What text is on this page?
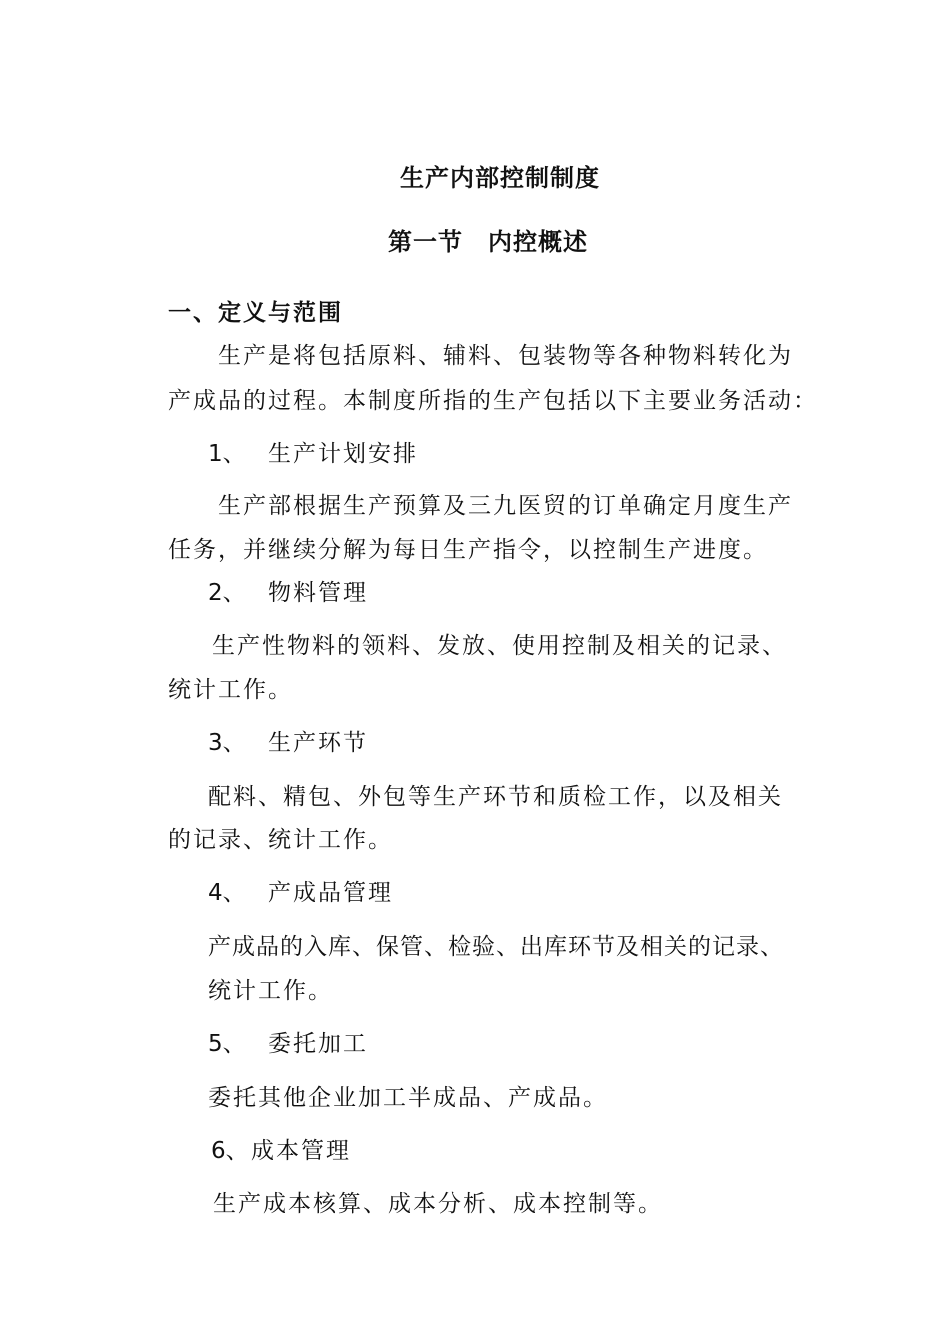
生产内部控制制度
第一节　内控概述
一、定义与范围
生产是将包括原料、辅料、包装物等各种物料转化为
产成品的过程。本制度所指的生产包括以下主要业务活动：
1、 生产计划安排
生产部根据生产预算及三九医贸的订单确定月度生产
任务，并继续分解为每日生产指令，以控制生产进度。
2、 物料管理
生产性物料的领料、发放、使用控制及相关的记录、
统计工作。
3、 生产环节
配料、精包、外包等生产环节和质检工作，以及相关
的记录、统计工作。
4、 产成品管理
产成品的入库、保管、检验、出库环节及相关的记录、
统计工作。
5、 委托加工
委托其他企业加工半成品、产成品。
6、 成本管理
生产成本核算、成本分析、成本控制等。
